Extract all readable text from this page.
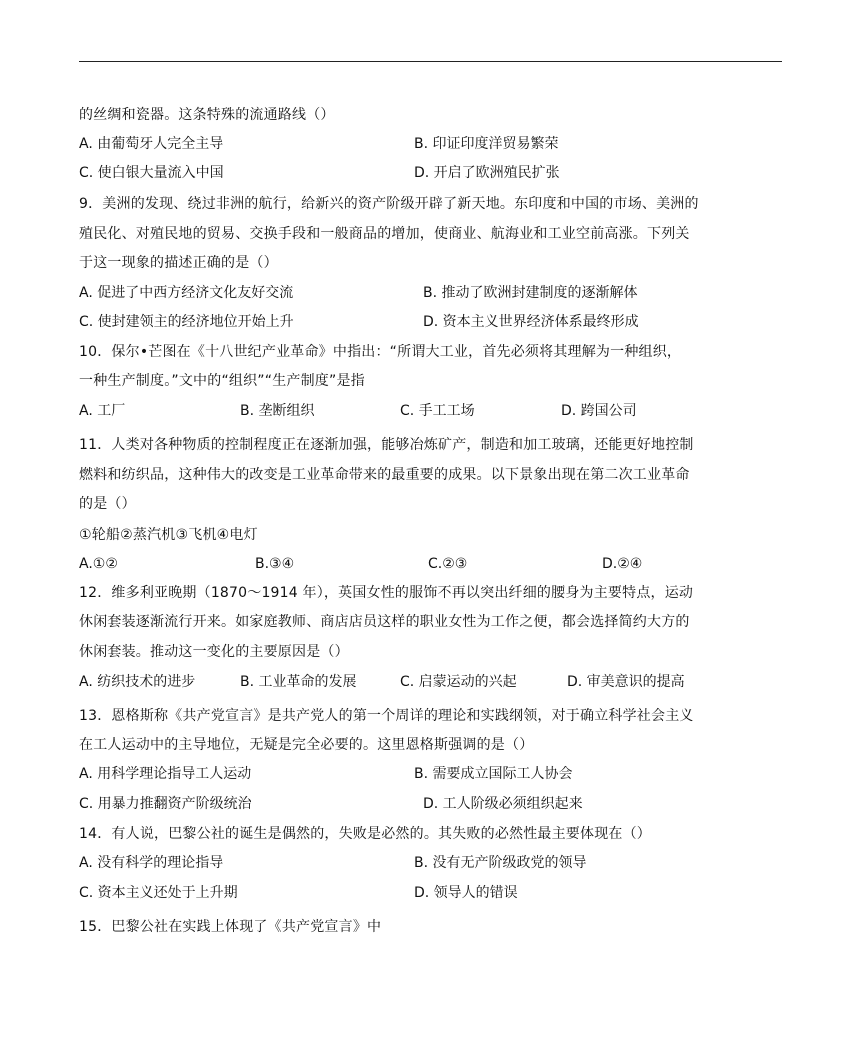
的丝绸和瓷器。这条特殊的流通路线（）
A. 由葡萄牙人完全主导	B. 印证印度洋贸易繁荣
C. 使白银大量流入中国	D. 开启了欧洲殖民扩张
9．美洲的发现、绕过非洲的航行，给新兴的资产阶级开辟了新天地。东印度和中国的市场、美洲的
殖民化、对殖民地的贸易、交换手段和一般商品的增加，使商业、航海业和工业空前高涨。下列关
于这一现象的描述正确的是（）
A. 促进了中西方经济文化友好交流	B. 推动了欧洲封建制度的逐渐解体
C. 使封建领主的经济地位开始上升	D. 资本主义世界经济体系最终形成
10．保尔•芒图在《十八世纪产业革命》中指出：“所谓大工业，首先必须将其理解为一种组织，
一种生产制度。”文中的“组织”“生产制度”是指
A. 工厂	B. 垄断组织	C. 手工工场	D. 跨国公司
11．人类对各种物质的控制程度正在逐渐加强，能够冶炼矿产，制造和加工玻璃，还能更好地控制
燃料和纺织品，这种伟大的改变是工业革命带来的最重要的成果。以下景象出现在第二次工业革命
的是（）
①轮船②蒸汽机③飞机④电灯
A.①②	B.③④	C.②③	D.②④
12．维多利亚晚期（1870～1914 年），英国女性的服饰不再以突出纤细的腰身为主要特点，运动
休闲套装逐渐流行开来。如家庭教师、商店店员这样的职业女性为工作之便，都会选择简约大方的
休闲套装。推动这一变化的主要原因是（）
A. 纺织技术的进步	B. 工业革命的发展	C. 启蒙运动的兴起	D. 审美意识的提高
13．恩格斯称《共产党宣言》是共产党人的第一个周详的理论和实践纲领，对于确立科学社会主义
在工人运动中的主导地位，无疑是完全必要的。这里恩格斯强调的是（）
A. 用科学理论指导工人运动	B. 需要成立国际工人协会
C. 用暴力推翻资产阶级统治	D. 工人阶级必须组织起来
14．有人说，巴黎公社的诞生是偶然的，失败是必然的。其失败的必然性最主要体现在（）
A. 没有科学的理论指导	B. 没有无产阶级政党的领导
C. 资本主义还处于上升期	D. 领导人的错误
15．巴黎公社在实践上体现了《共产党宣言》中
